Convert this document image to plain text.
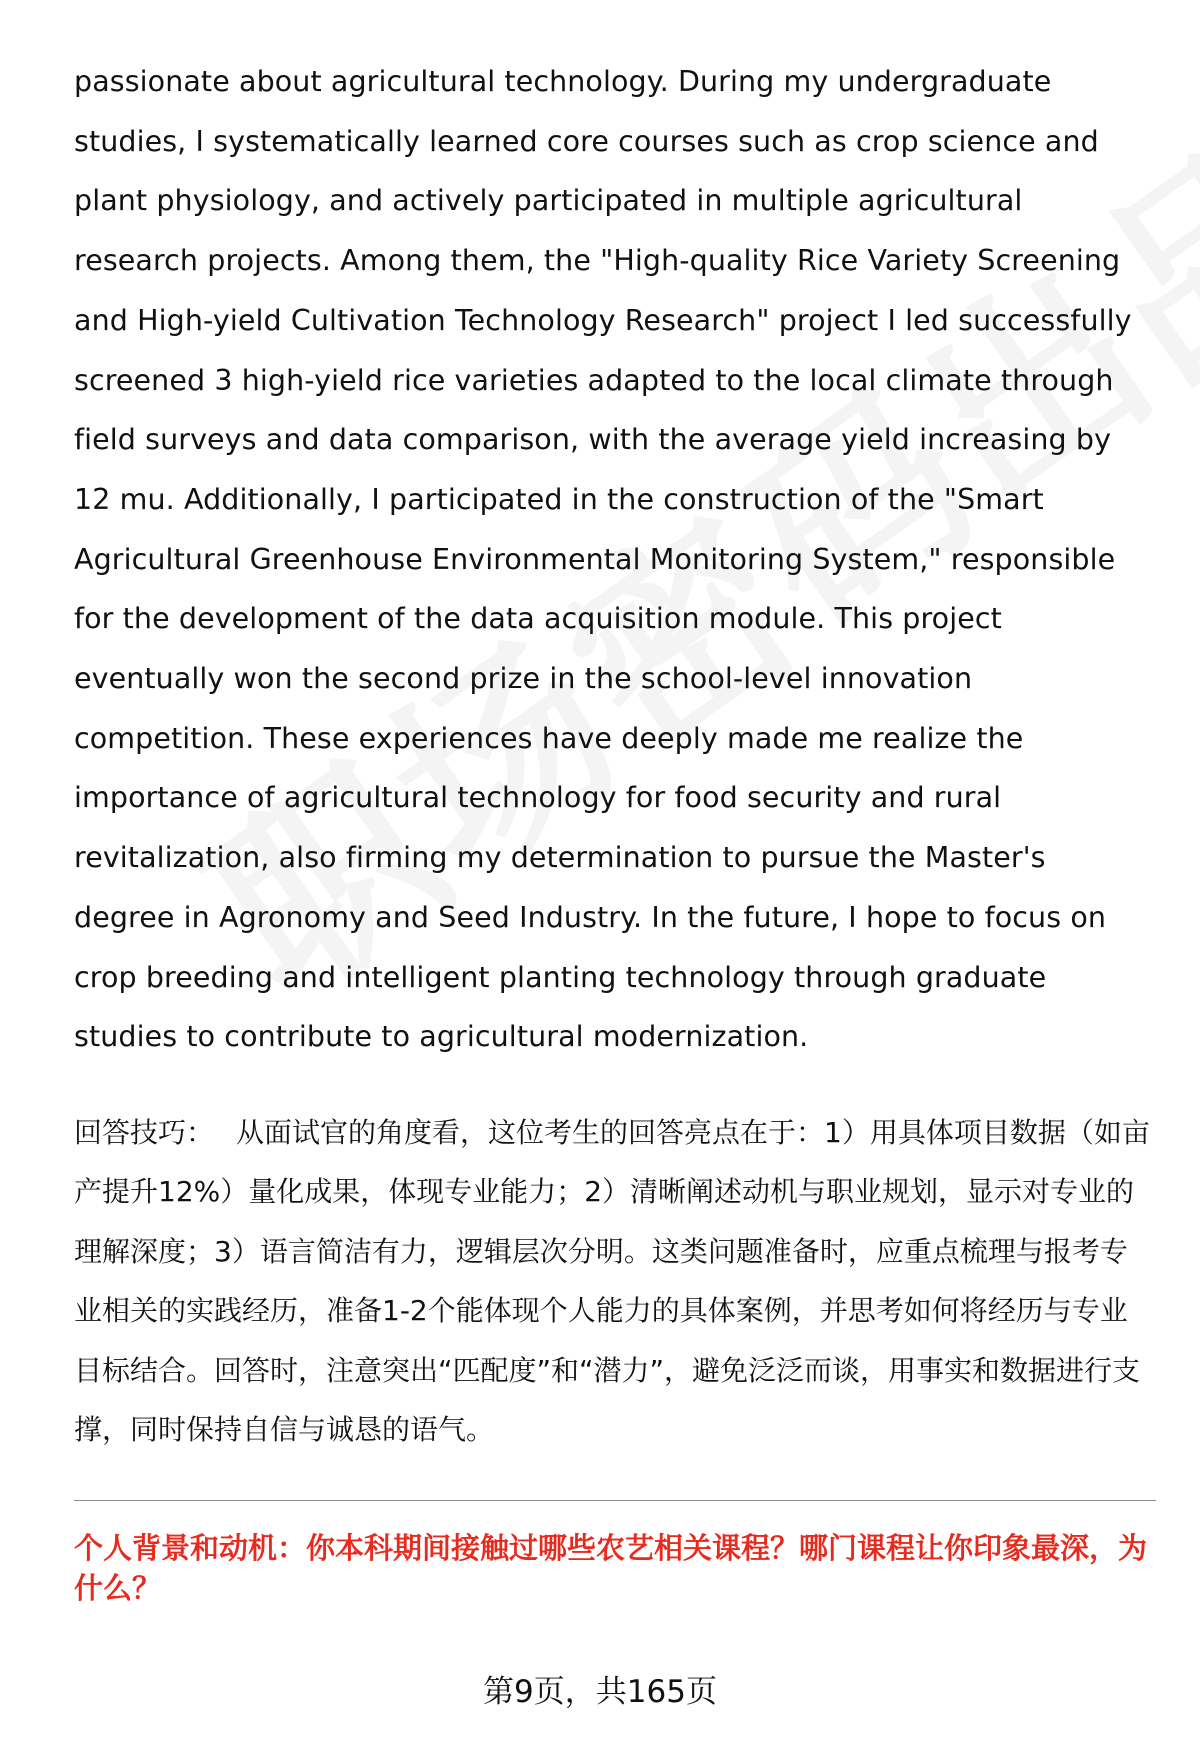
passionate about agricultural technology. During my undergraduate studies, I systematically learned core courses such as crop science and plant physiology, and actively participated in multiple agricultural research projects. Among them, the "High-quality Rice Variety Screening and High-yield Cultivation Technology Research" project I led successfully screened 3 high-yield rice varieties adapted to the local climate through field surveys and data comparison, with the average yield increasing by 12 mu. Additionally, I participated in the construction of the "Smart Agricultural Greenhouse Environmental Monitoring System," responsible for the development of the data acquisition module. This project eventually won the second prize in the school-level innovation competition. These experiences have deeply made me realize the importance of agricultural technology for food security and rural revitalization, also firming my determination to pursue the Master's degree in Agronomy and Seed Industry. In the future, I hope to focus on crop breeding and intelligent planting technology through graduate studies to contribute to agricultural modernization.

回答技巧： 从面试官的角度看，这位考生的回答亮点在于：1）用具体项目数据（如亩产提升12%）量化成果，体现专业能力；2）清晰阐述动机与职业规划，显示对专业的理解深度；3）语言简洁有力，逻辑层次分明。这类问题准备时，应重点梳理与报考专业相关的实践经历，准备1-2个能体现个人能力的具体案例，并思考如何将经历与专业目标结合。回答时，注意突出“匹配度”和“潜力”，避免泛泛而谈，用事实和数据进行支撑，同时保持自信与诚恳的语气。

个人背景和动机：你本科期间接触过哪些农艺相关课程？哪门课程让你印象最深，为什么？

第9页，共165页
